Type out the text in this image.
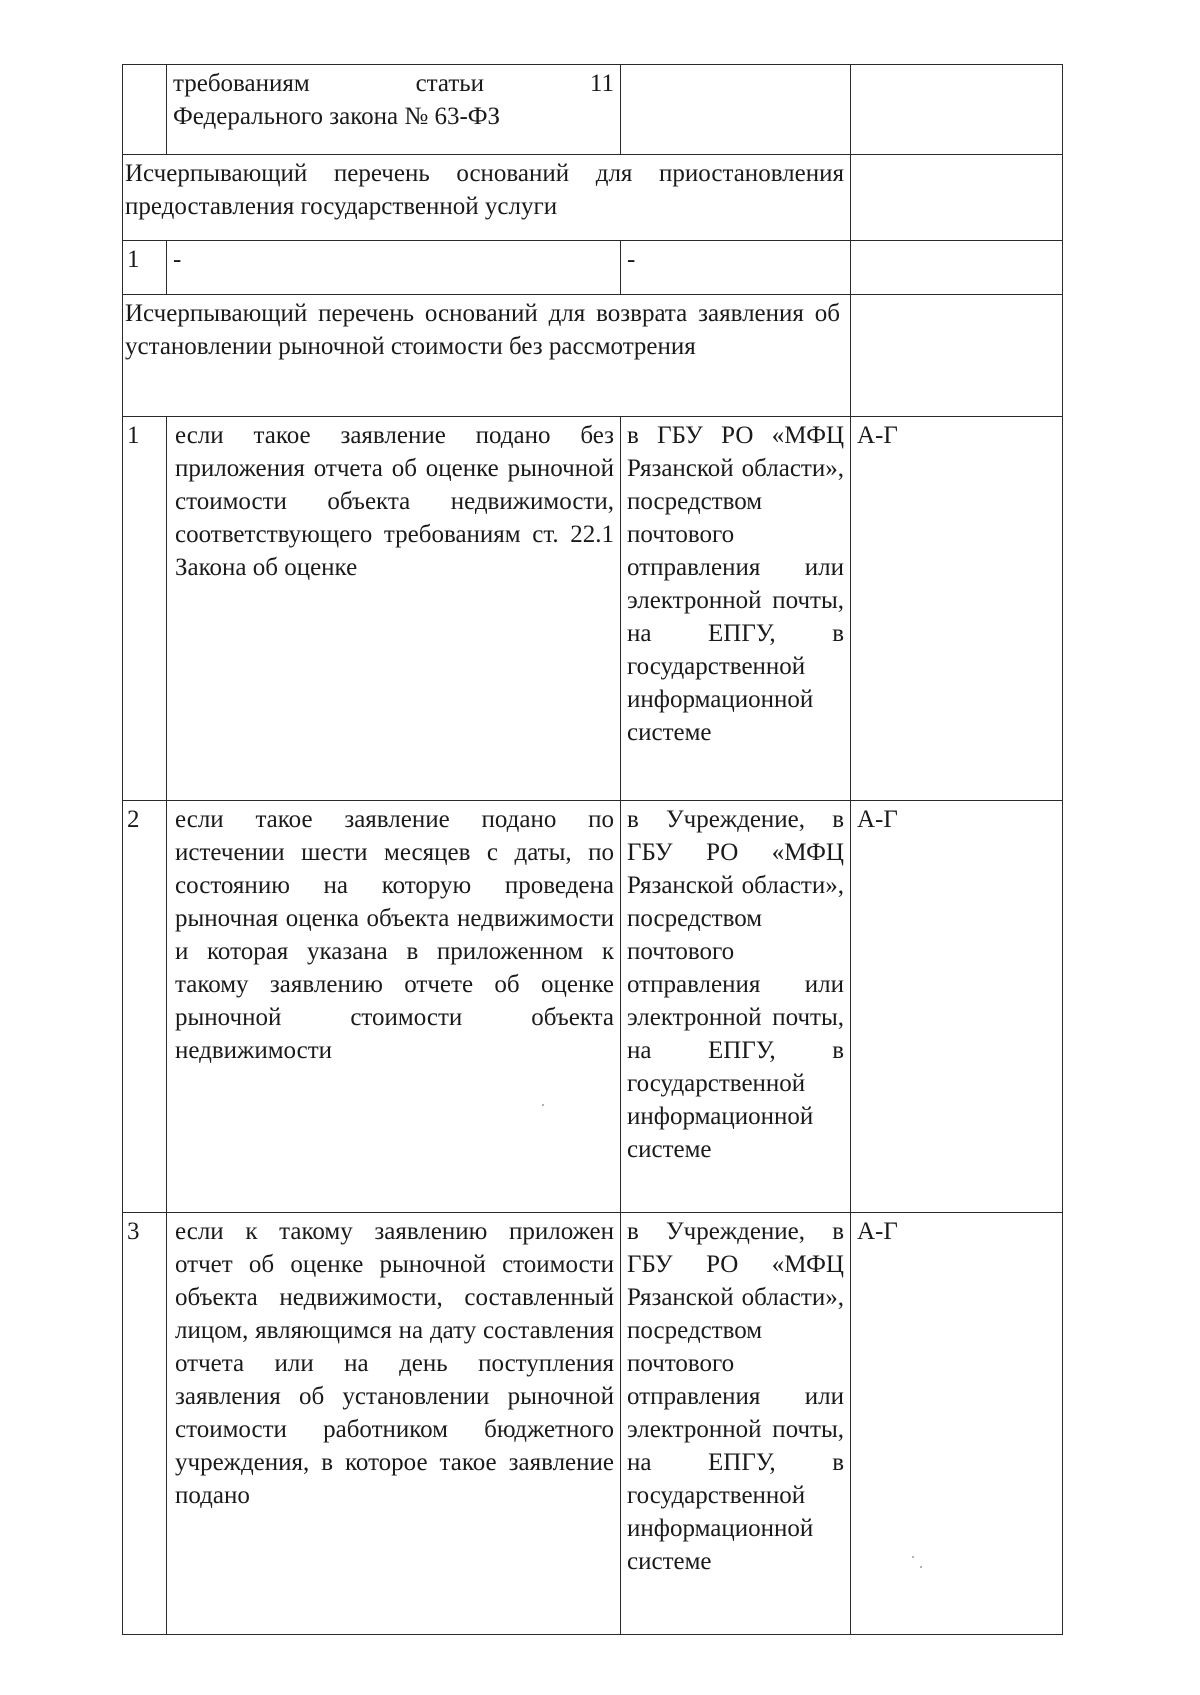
	требованиям статьи 11
Федерального закона № 63-ФЗ		

Исчерпывающий перечень оснований для приостановления предоставления государственной услуги			
1	-	-	
Исчерпывающий перечень оснований для возврата заявления об установлении рыночной стоимости без рассмотрения			
1	если такое заявление подано без приложения отчета об оценке рыночной стоимости объекта недвижимости, соответствующего требованиям ст. 22.1 Закона об оценке	в ГБУ РО «МФЦ Рязанской области», посредством почтового отправления или электронной почты, на ЕПГУ, в государственной информационной системе	А-Г
2	если такое заявление подано по истечении шести месяцев с даты, по состоянию на которую проведена рыночная оценка объекта недвижимости и которая указана в приложенном к такому заявлению отчете об оценке рыночной стоимости объекта недвижимости	в Учреждение, в ГБУ РО «МФЦ Рязанской области», посредством почтового отправления или электронной почты, на ЕПГУ, в государственной информационной системе	А-Г
3	если к такому заявлению приложен отчет об оценке рыночной стоимости объекта недвижимости, составленный лицом, являющимся на дату составления отчета или на день поступления заявления об установлении рыночной стоимости работником бюджетного учреждения, в которое такое заявление подано	в Учреждение, в ГБУ РО «МФЦ Рязанской области», посредством почтового отправления или электронной почты, на ЕПГУ, в государственной информационной системе	А-Г
